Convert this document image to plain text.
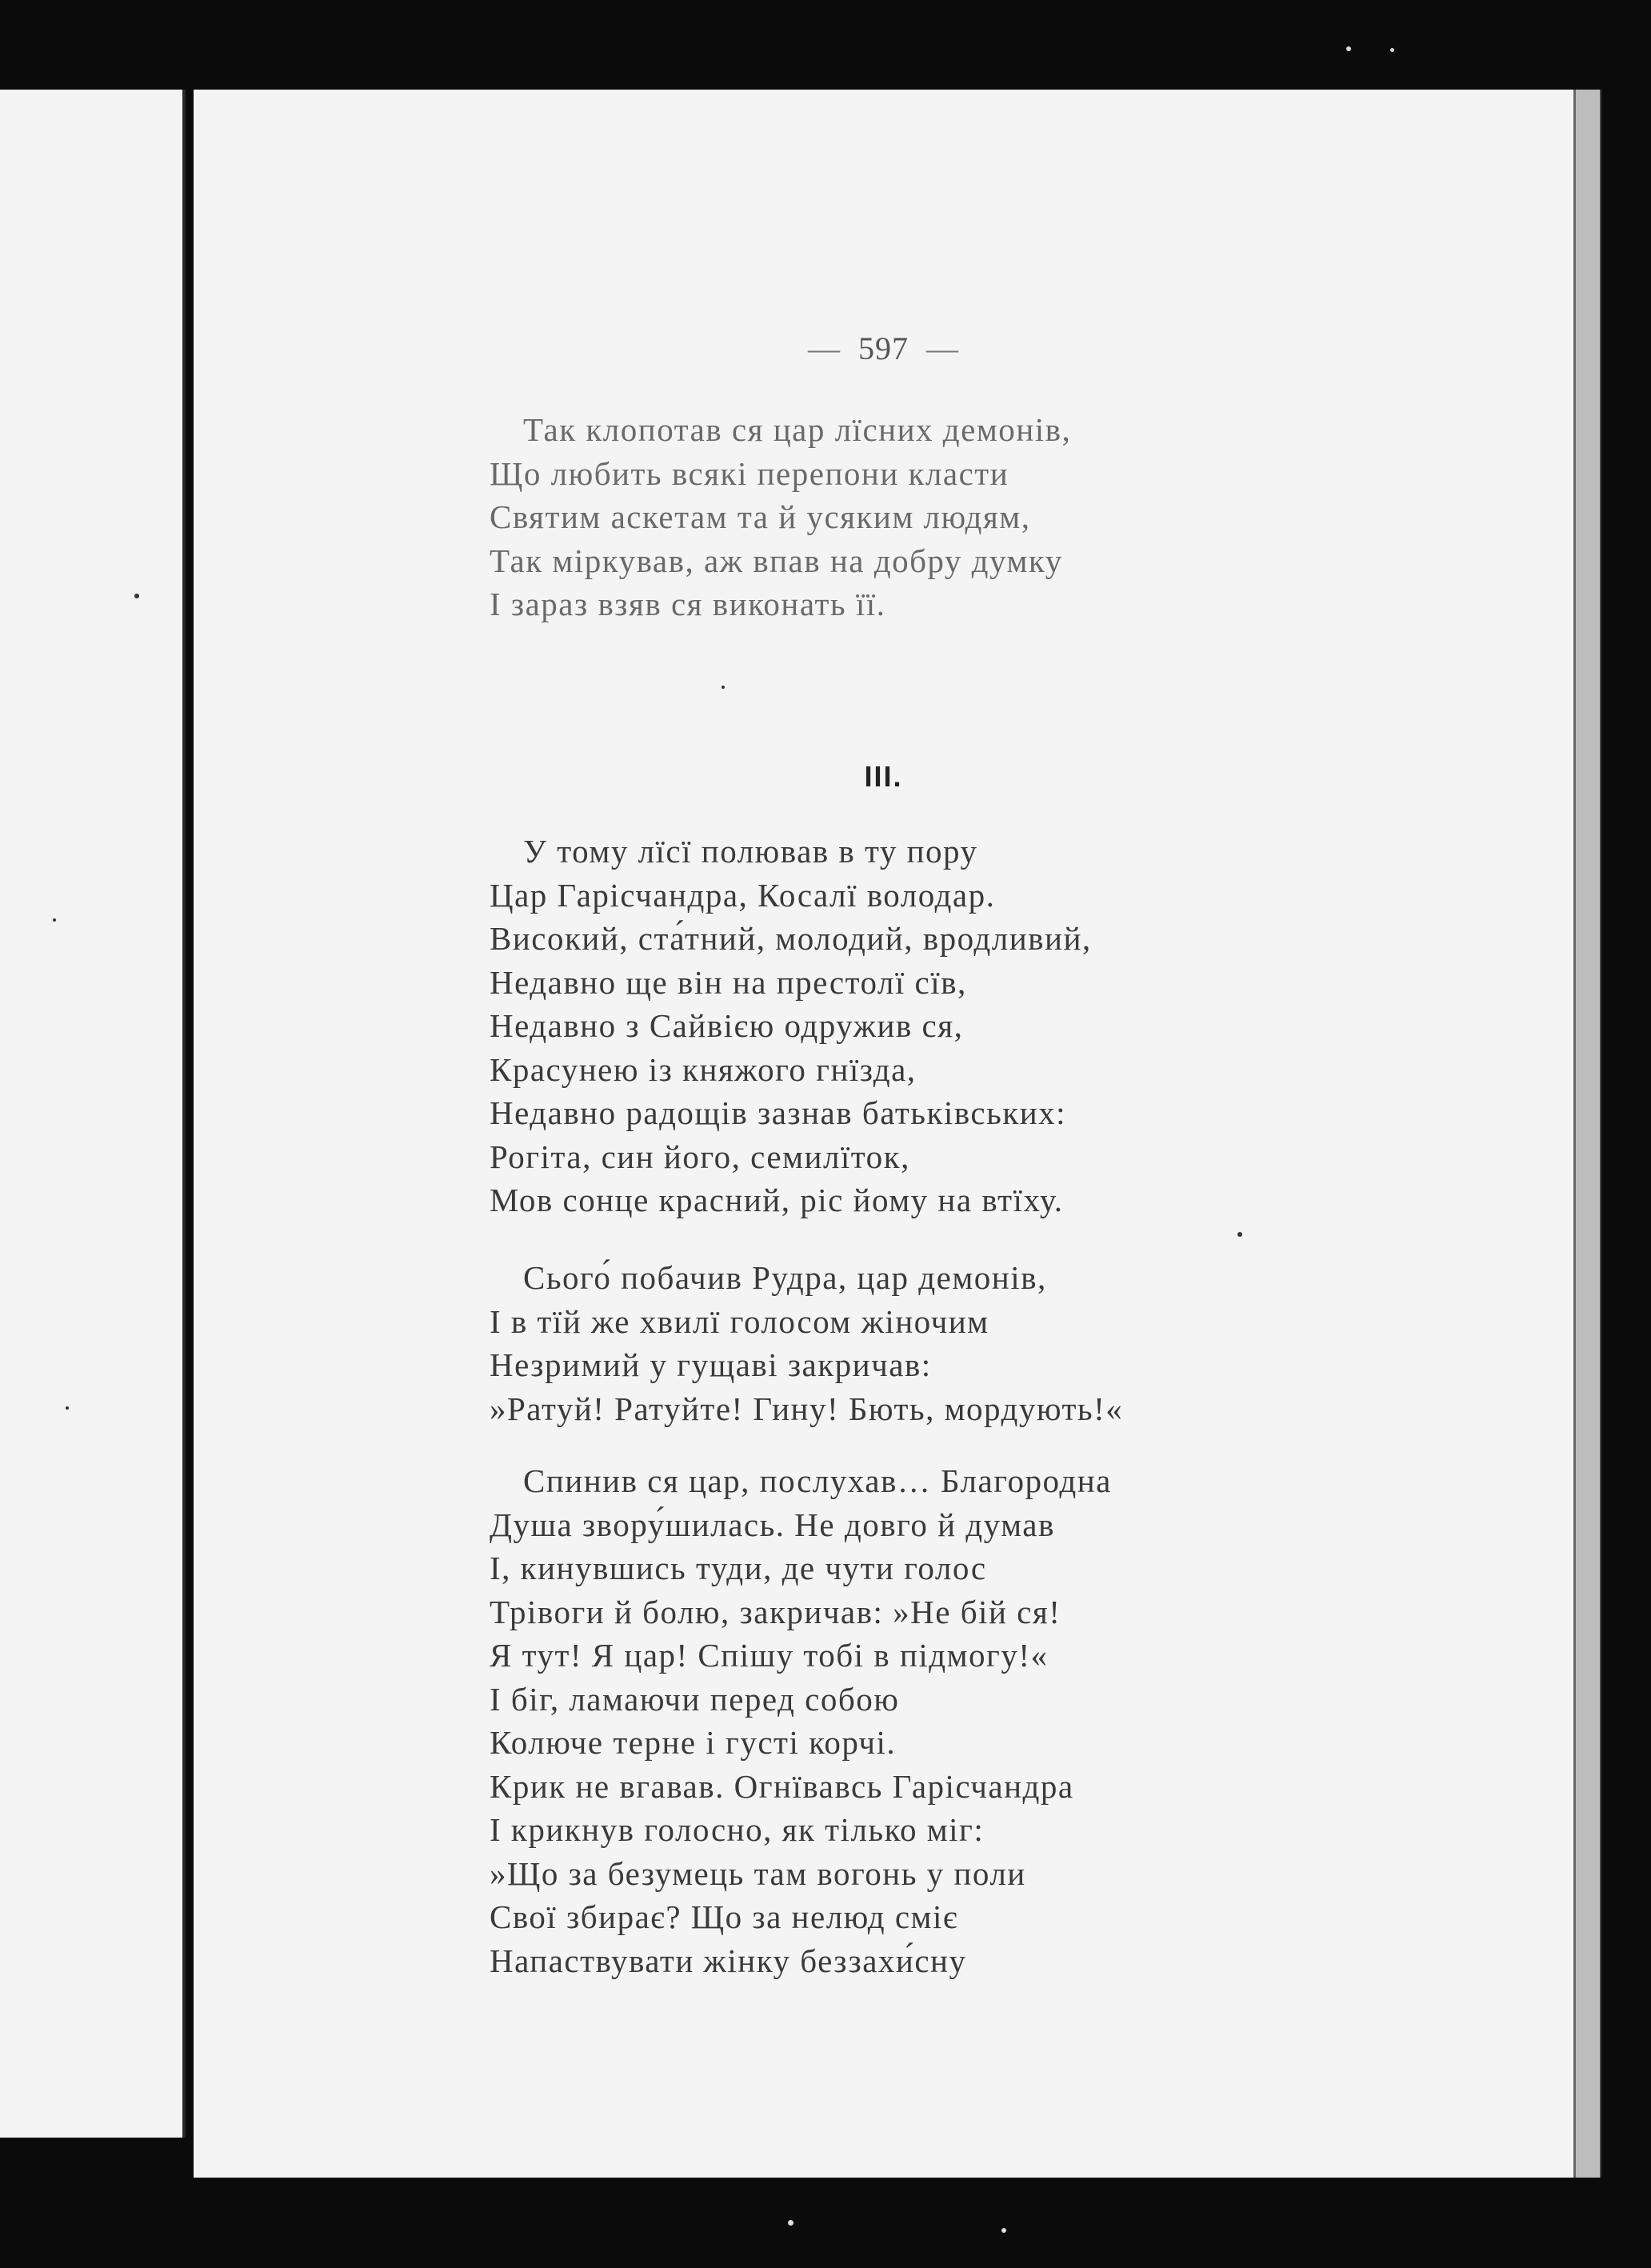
— 597 —
Так клопотав ся цар лїсних демонів,
Що любить всякі перепони класти
Святим аскетам та й усяким людям,
Так міркував, аж впав на добру думку
І зараз взяв ся виконать її.
III.
У тому лїсї полював в ту пору
Цар Гарісчандра, Косалї володар.
Високий, ста́тний, молодий, вродливий,
Недавно ще він на престолї сїв,
Недавно з Сайвією одружив ся,
Красунею із княжого гнїзда,
Недавно радощів зазнав батьківських:
Рогіта, син його, семилїток,
Мов сонце красний, ріс йому на втїху.
Сього́ побачив Рудра, цар демонів,
І в тїй же хвилї голосом жіночим
Незримий у гущаві закричав:
»Ратуй! Ратуйте! Гину! Бють, мордують!«
Спинив ся цар, послухав… Благородна
Душа звору́шилась. Не довго й думав
І, кинувшись туди, де чути голос
Трівоги й болю, закричав: »Не бій ся!
Я тут! Я цар! Спішу тобі в підмогу!«
І біг, ламаючи перед собою
Колюче терне і густі корчі.
Крик не вгавав. Огнївавсь Гарісчандра
І крикнув голосно, як тілько міг:
»Що за безумець там вогонь у поли
Свої збирає? Що за нелюд сміє
Напаствувати жінку беззахи́сну
